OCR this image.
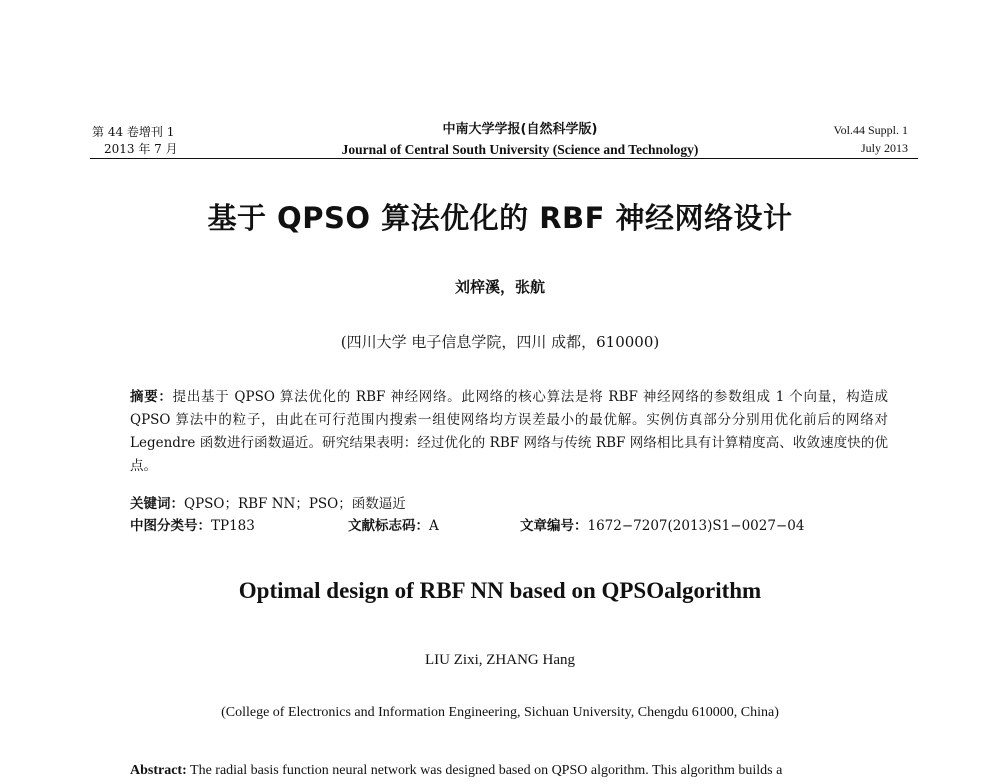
第 44 卷增刊 1
2013 年 7 月
中南大学学报(自然科学版)
Journal of Central South University (Science and Technology)
Vol.44 Suppl. 1
July 2013
基于 QPSO 算法优化的 RBF 神经网络设计
刘梓溪，张航
(四川大学 电子信息学院，四川 成都，610000)
摘要：提出基于 QPSO 算法优化的 RBF 神经网络。此网络的核心算法是将 RBF 神经网络的参数组成 1 个向量，构造成 QPSO 算法中的粒子，由此在可行范围内搜索一组使网络均方误差最小的最优解。实例仿真部分分别用优化前后的网络对 Legendre 函数进行函数逼近。研究结果表明：经过优化的 RBF 网络与传统 RBF 网络相比具有计算精度高、收敛速度快的优点。
关键词：QPSO；RBF NN；PSO；函数逼近
中图分类号：TP183	文献标志码：A	文章编号：1672−7207(2013)S1−0027−04
Optimal design of RBF NN based on QPSOalgorithm
LIU Zixi, ZHANG Hang
(College of Electronics and Information Engineering, Sichuan University, Chengdu 610000, China)
Abstract: The radial basis function neural network was designed based on QPSO algorithm. This algorithm builds a
